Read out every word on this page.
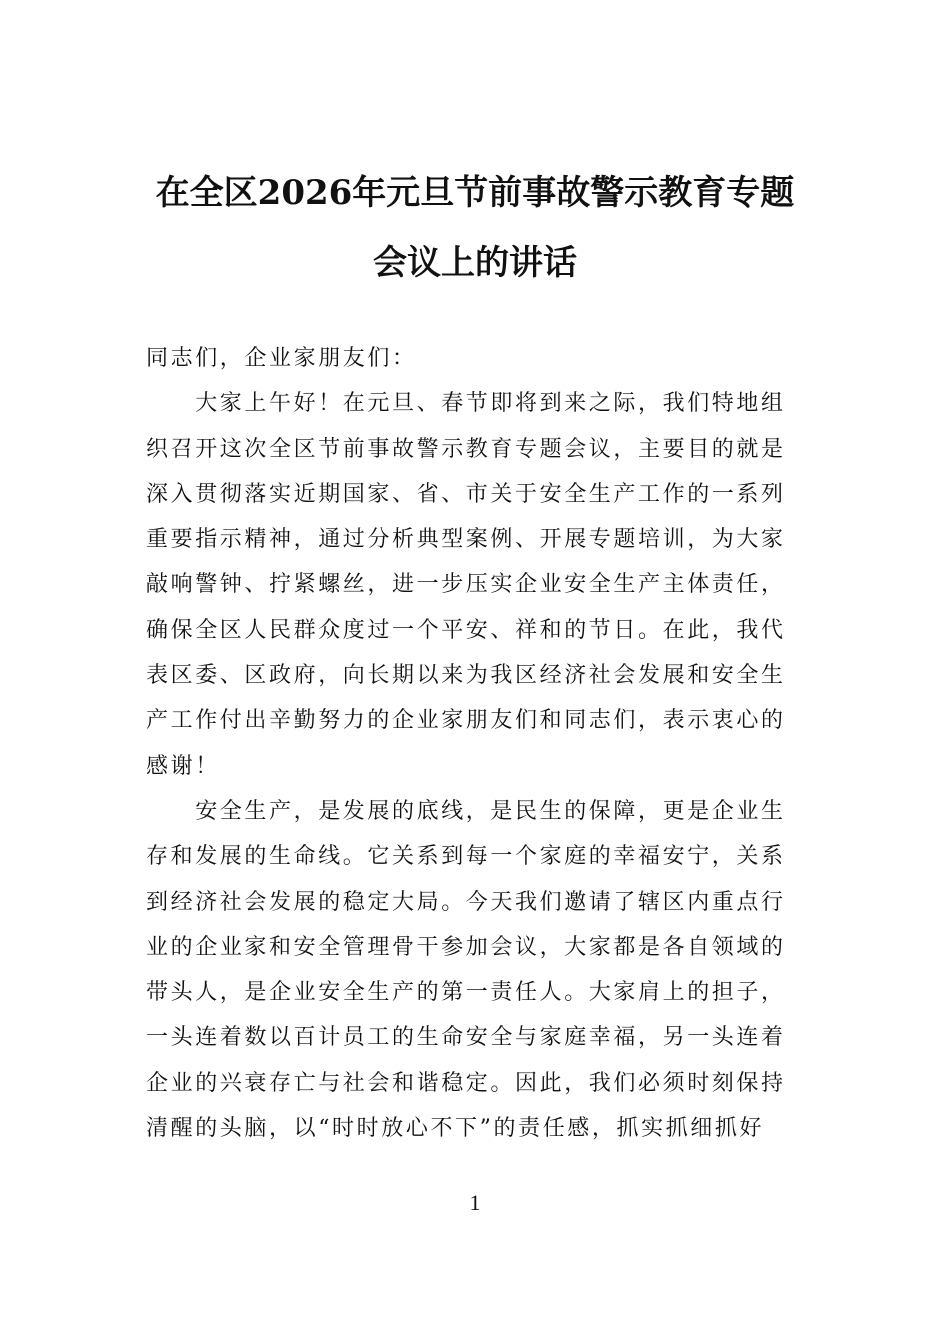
在全区2026年元旦节前事故警示教育专题
会议上的讲话
同志们，企业家朋友们：
　　大家上午好！在元旦、春节即将到来之际，我们特地组
织召开这次全区节前事故警示教育专题会议，主要目的就是
深入贯彻落实近期国家、省、市关于安全生产工作的一系列
重要指示精神，通过分析典型案例、开展专题培训，为大家
敲响警钟、拧紧螺丝，进一步压实企业安全生产主体责任，
确保全区人民群众度过一个平安、祥和的节日。在此，我代
表区委、区政府，向长期以来为我区经济社会发展和安全生
产工作付出辛勤努力的企业家朋友们和同志们，表示衷心的
感谢！
　　安全生产，是发展的底线，是民生的保障，更是企业生
存和发展的生命线。它关系到每一个家庭的幸福安宁，关系
到经济社会发展的稳定大局。今天我们邀请了辖区内重点行
业的企业家和安全管理骨干参加会议，大家都是各自领域的
带头人，是企业安全生产的第一责任人。大家肩上的担子，
一头连着数以百计员工的生命安全与家庭幸福，另一头连着
企业的兴衰存亡与社会和谐稳定。因此，我们必须时刻保持
清醒的头脑，以“时时放心不下”的责任感，抓实抓细抓好
1
